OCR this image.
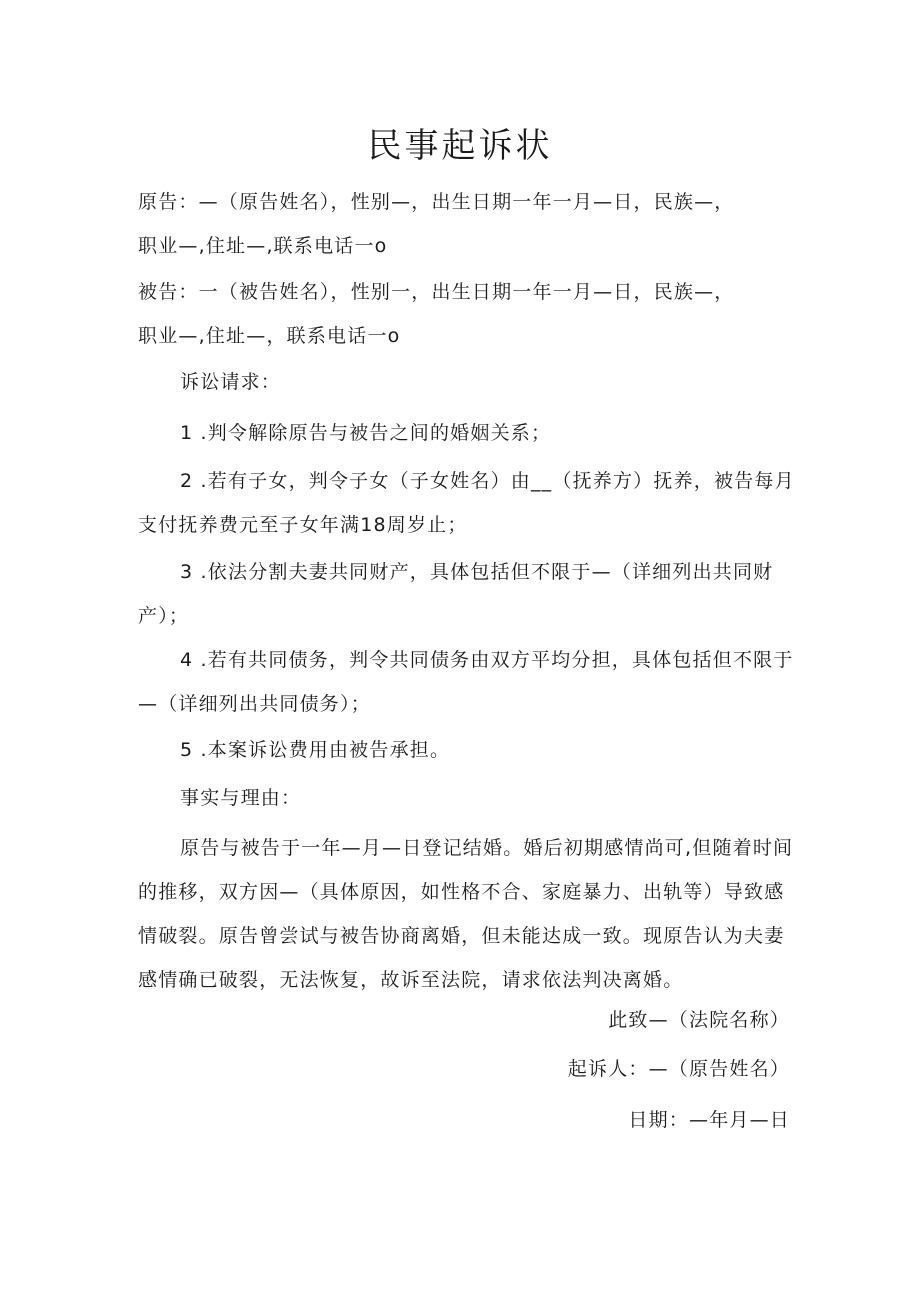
民事起诉状

原告：—（原告姓名），性别—，出生日期一年一月—日，民族—，

职业—,住址—,联系电话一o

被告：一（被告姓名），性别一，出生日期一年一月—日，民族—，

职业—,住址—，联系电话一o

诉讼请求：

1 .判令解除原告与被告之间的婚姻关系；

2 .若有子女，判令子女（子女姓名）由__（抚养方）抚养，被告每月

支付抚养费元至子女年满18周岁止；

3 .依法分割夫妻共同财产，具体包括但不限于—（详细列出共同财

产）；

4 .若有共同债务，判令共同债务由双方平均分担，具体包括但不限于

—（详细列出共同债务）；

5 .本案诉讼费用由被告承担。

事实与理由：

原告与被告于一年—月—日登记结婚。婚后初期感情尚可,但随着时间

的推移，双方因—（具体原因，如性格不合、家庭暴力、出轨等）导致感

情破裂。原告曾尝试与被告协商离婚，但未能达成一致。现原告认为夫妻

感情确已破裂，无法恢复，故诉至法院，请求依法判决离婚。

此致—（法院名称）
起诉人：—（原告姓名）
日期：—年月—日
